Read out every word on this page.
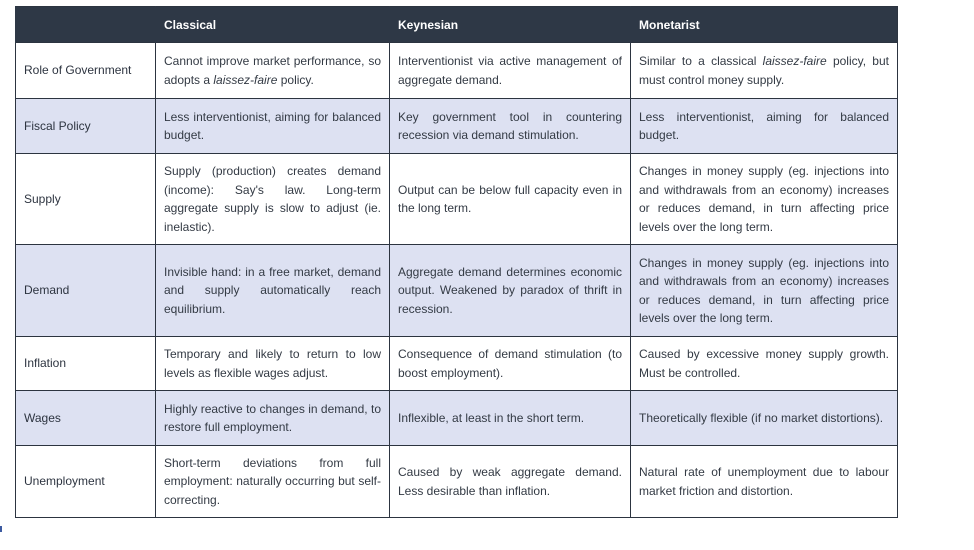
	Classical	Keynesian	Monetarist
Role of Government	Cannot improve market performance, so adopts a laissez-faire policy.	Interventionist via active management of aggregate demand.	Similar to a classical laissez-faire policy, but must control money supply.
Fiscal Policy	Less interventionist, aiming for balanced budget.	Key government tool in countering recession via demand stimulation.	Less interventionist, aiming for balanced budget.
Supply	Supply (production) creates demand (income): Say's law. Long-term aggregate supply is slow to adjust (ie. inelastic).	Output can be below full capacity even in the long term.	Changes in money supply (eg. injections into and withdrawals from an economy) increases or reduces demand, in turn affecting price levels over the long term.
Demand	Invisible hand: in a free market, demand and supply automatically reach equilibrium.	Aggregate demand determines economic output. Weakened by paradox of thrift in recession.	Changes in money supply (eg. injections into and withdrawals from an economy) increases or reduces demand, in turn affecting price levels over the long term.
Inflation	Temporary and likely to return to low levels as flexible wages adjust.	Consequence of demand stimulation (to boost employment).	Caused by excessive money supply growth. Must be controlled.
Wages	Highly reactive to changes in demand, to restore full employment.	Inflexible, at least in the short term.	Theoretically flexible (if no market distortions).
Unemployment	Short-term deviations from full employment: naturally occurring but self-correcting.	Caused by weak aggregate demand. Less desirable than inflation.	Natural rate of unemployment due to labour market friction and distortion.
